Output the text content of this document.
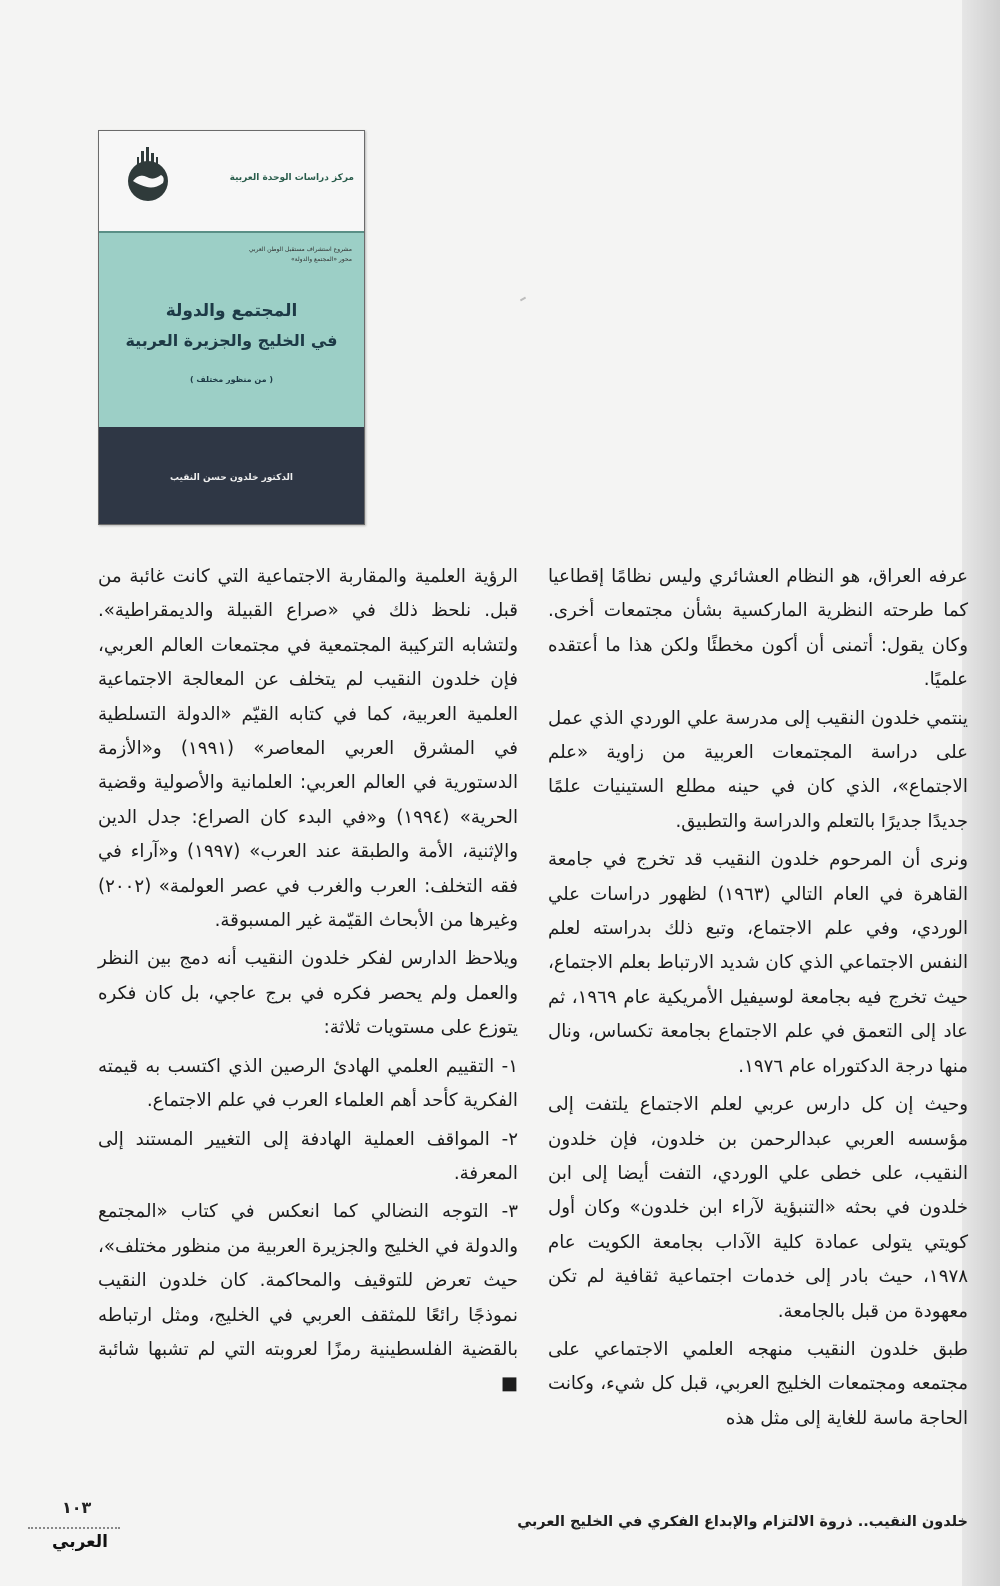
مركز دراسات الوحدة العربية
مشروع استشراف مستقبل الوطن العربي
محور «المجتمع والدولة»
المجتمع والدولة
في الخليج والجزيرة العربية
( من منظور مختلف )
الدكتور خلدون حسن النقيب

عرفه العراق، هو النظام العشائري وليس نظامًا إقطاعيا كما طرحته النظرية الماركسية بشأن مجتمعات أخرى. وكان يقول: أتمنى أن أكون مخطئًا ولكن هذا ما أعتقده علميًا.

ينتمي خلدون النقيب إلى مدرسة علي الوردي الذي عمل على دراسة المجتمعات العربية من زاوية «علم الاجتماع»، الذي كان في حينه مطلع الستينيات علمًا جديدًا جديرًا بالتعلم والدراسة والتطبيق.

ونرى أن المرحوم خلدون النقيب قد تخرج في جامعة القاهرة في العام التالي (١٩٦٣) لظهور دراسات علي الوردي، وفي علم الاجتماع، وتبع ذلك بدراسته لعلم النفس الاجتماعي الذي كان شديد الارتباط بعلم الاجتماع، حيث تخرج فيه بجامعة لوسيفيل الأمريكية عام ١٩٦٩، ثم عاد إلى التعمق في علم الاجتماع بجامعة تكساس، ونال منها درجة الدكتوراه عام ١٩٧٦.

وحيث إن كل دارس عربي لعلم الاجتماع يلتفت إلى مؤسسه العربي عبدالرحمن بن خلدون، فإن خلدون النقيب، على خطى علي الوردي، التفت أيضا إلى ابن خلدون في بحثه «التنبؤية لآراء ابن خلدون» وكان أول كويتي يتولى عمادة كلية الآداب بجامعة الكويت عام ١٩٧٨، حيث بادر إلى خدمات اجتماعية ثقافية لم تكن معهودة من قبل بالجامعة.

طبق خلدون النقيب منهجه العلمي الاجتماعي على مجتمعه ومجتمعات الخليج العربي، قبل كل شيء، وكانت الحاجة ماسة للغاية إلى مثل هذه

الرؤية العلمية والمقاربة الاجتماعية التي كانت غائبة من قبل. نلحظ ذلك في «صراع القبيلة والديمقراطية». ولتشابه التركيبة المجتمعية في مجتمعات العالم العربي، فإن خلدون النقيب لم يتخلف عن المعالجة الاجتماعية العلمية العربية، كما في كتابه القيّم «الدولة التسلطية في المشرق العربي المعاصر» (١٩٩١) و«الأزمة الدستورية في العالم العربي: العلمانية والأصولية وقضية الحرية» (١٩٩٤) و«في البدء كان الصراع: جدل الدين والإثنية، الأمة والطبقة عند العرب» (١٩٩٧) و«آراء في فقه التخلف: العرب والغرب في عصر العولمة» (٢٠٠٢) وغيرها من الأبحاث القيّمة غير المسبوقة.

ويلاحظ الدارس لفكر خلدون النقيب أنه دمج بين النظر والعمل ولم يحصر فكره في برج عاجي، بل كان فكره يتوزع على مستويات ثلاثة:

١- التقييم العلمي الهادئ الرصين الذي اكتسب به قيمته الفكرية كأحد أهم العلماء العرب في علم الاجتماع.

٢- المواقف العملية الهادفة إلى التغيير المستند إلى المعرفة.

٣- التوجه النضالي كما انعكس في كتاب «المجتمع والدولة في الخليج والجزيرة العربية من منظور مختلف»، حيث تعرض للتوقيف والمحاكمة. كان خلدون النقيب نموذجًا رائعًا للمثقف العربي في الخليج، ومثل ارتباطه بالقضية الفلسطينية رمزًا لعروبته التي لم تشبها شائبة ■

خلدون النقيب.. ذروة الالتزام والإبداع الفكري في الخليج العربي
١٠٣
العربي
